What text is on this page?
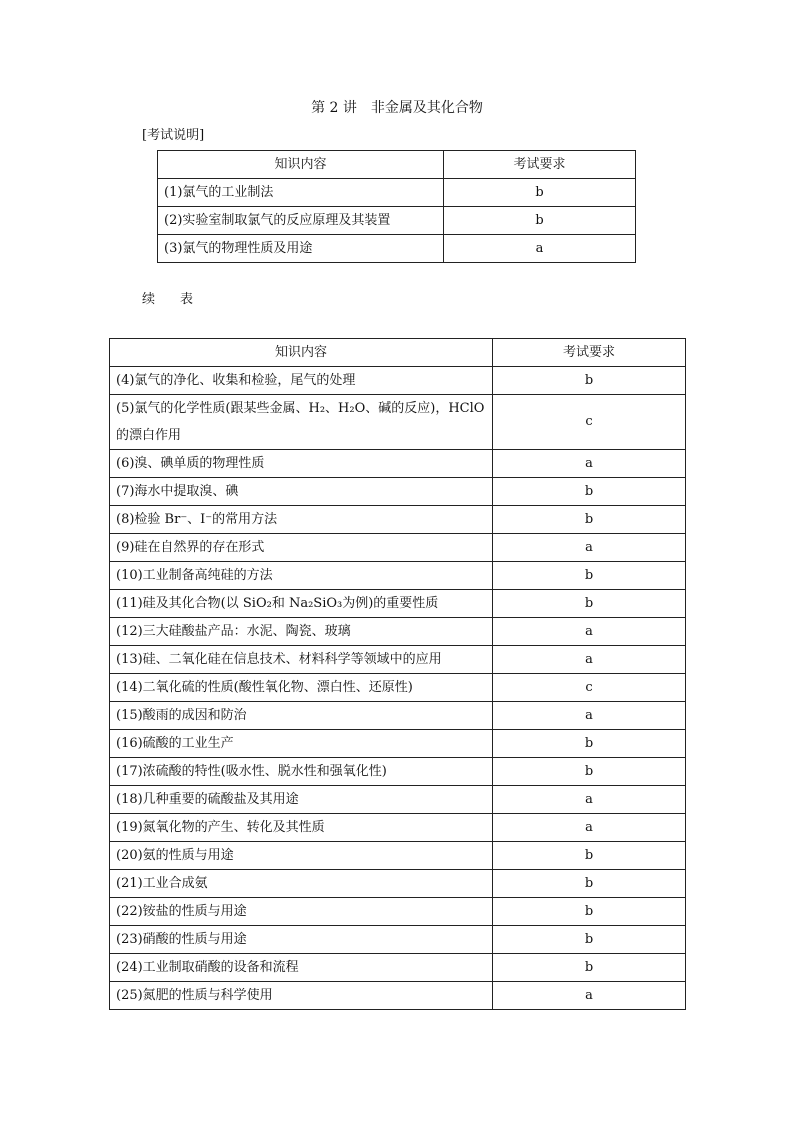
第 2 讲　非金属及其化合物
[考试说明]
知识内容	考试要求
(1)氯气的工业制法	b
(2)实验室制取氯气的反应原理及其装置	b
(3)氯气的物理性质及用途	a
续　表
知识内容	考试要求
(4)氯气的净化、收集和检验，尾气的处理	b
(5)氯气的化学性质(跟某些金属、H₂、H₂O、碱的反应)，HClO的漂白作用	c
(6)溴、碘单质的物理性质	a
(7)海水中提取溴、碘	b
(8)检验 Br⁻、I⁻的常用方法	b
(9)硅在自然界的存在形式	a
(10)工业制备高纯硅的方法	b
(11)硅及其化合物(以 SiO₂和 Na₂SiO₃为例)的重要性质	b
(12)三大硅酸盐产品：水泥、陶瓷、玻璃	a
(13)硅、二氧化硅在信息技术、材料科学等领域中的应用	a
(14)二氧化硫的性质(酸性氧化物、漂白性、还原性)	c
(15)酸雨的成因和防治	a
(16)硫酸的工业生产	b
(17)浓硫酸的特性(吸水性、脱水性和强氧化性)	b
(18)几种重要的硫酸盐及其用途	a
(19)氮氧化物的产生、转化及其性质	a
(20)氨的性质与用途	b
(21)工业合成氨	b
(22)铵盐的性质与用途	b
(23)硝酸的性质与用途	b
(24)工业制取硝酸的设备和流程	b
(25)氮肥的性质与科学使用	a
